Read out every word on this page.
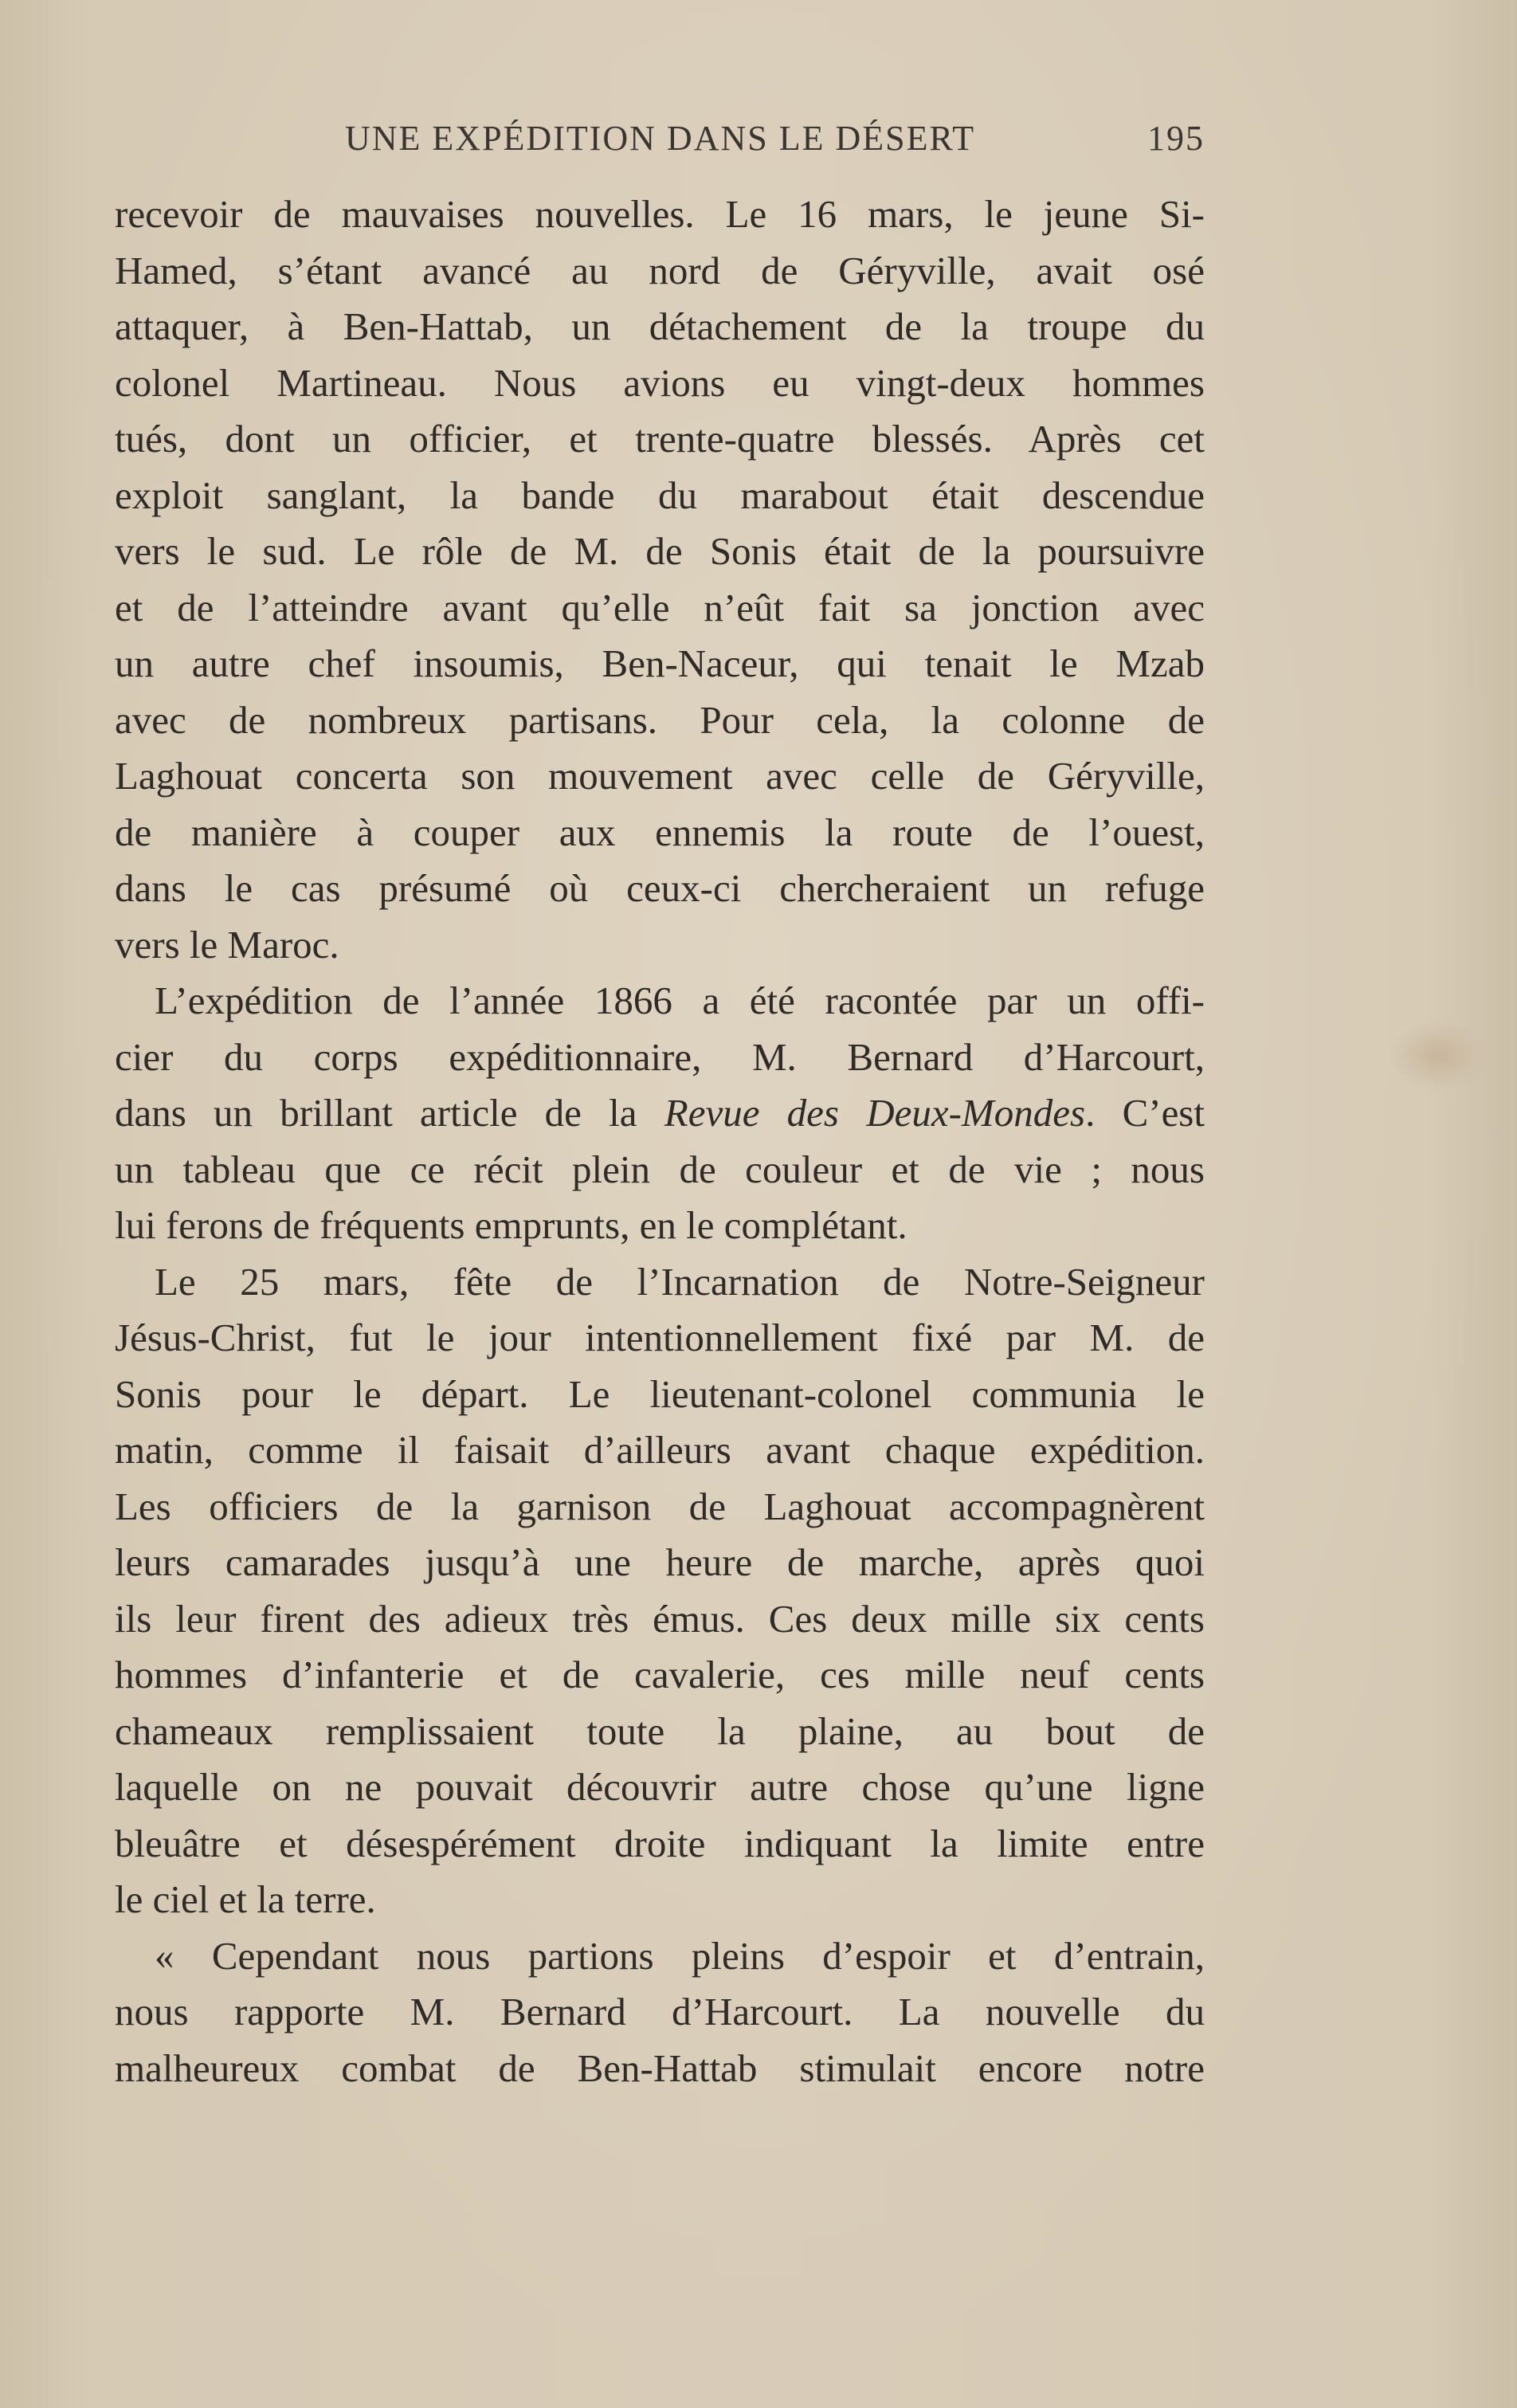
UNE EXPÉDITION DANS LE DÉSERT	195
recevoir de mauvaises nouvelles. Le 16 mars, le jeune Si-
Hamed, s’étant avancé au nord de Géryville, avait osé
attaquer, à Ben-Hattab, un détachement de la troupe du
colonel Martineau. Nous avions eu vingt-deux hommes
tués, dont un officier, et trente-quatre blessés. Après cet
exploit sanglant, la bande du marabout était descendue
vers le sud. Le rôle de M. de Sonis était de la poursuivre
et de l’atteindre avant qu’elle n’eût fait sa jonction avec
un autre chef insoumis, Ben-Naceur, qui tenait le Mzab
avec de nombreux partisans. Pour cela, la colonne de
Laghouat concerta son mouvement avec celle de Géryville,
de manière à couper aux ennemis la route de l’ouest,
dans le cas présumé où ceux-ci chercheraient un refuge
vers le Maroc.
L’expédition de l’année 1866 a été racontée par un offi-
cier du corps expéditionnaire, M. Bernard d’Harcourt,
dans un brillant article de la Revue des Deux-Mondes. C’est
un tableau que ce récit plein de couleur et de vie ; nous
lui ferons de fréquents emprunts, en le complétant.
Le 25 mars, fête de l’Incarnation de Notre-Seigneur
Jésus-Christ, fut le jour intentionnellement fixé par M. de
Sonis pour le départ. Le lieutenant-colonel communia le
matin, comme il faisait d’ailleurs avant chaque expédition.
Les officiers de la garnison de Laghouat accompagnèrent
leurs camarades jusqu’à une heure de marche, après quoi
ils leur firent des adieux très émus. Ces deux mille six cents
hommes d’infanterie et de cavalerie, ces mille neuf cents
chameaux remplissaient toute la plaine, au bout de
laquelle on ne pouvait découvrir autre chose qu’une ligne
bleuâtre et désespérément droite indiquant la limite entre
le ciel et la terre.
« Cependant nous partions pleins d’espoir et d’entrain,
nous rapporte M. Bernard d’Harcourt. La nouvelle du
malheureux combat de Ben-Hattab stimulait encore notre
